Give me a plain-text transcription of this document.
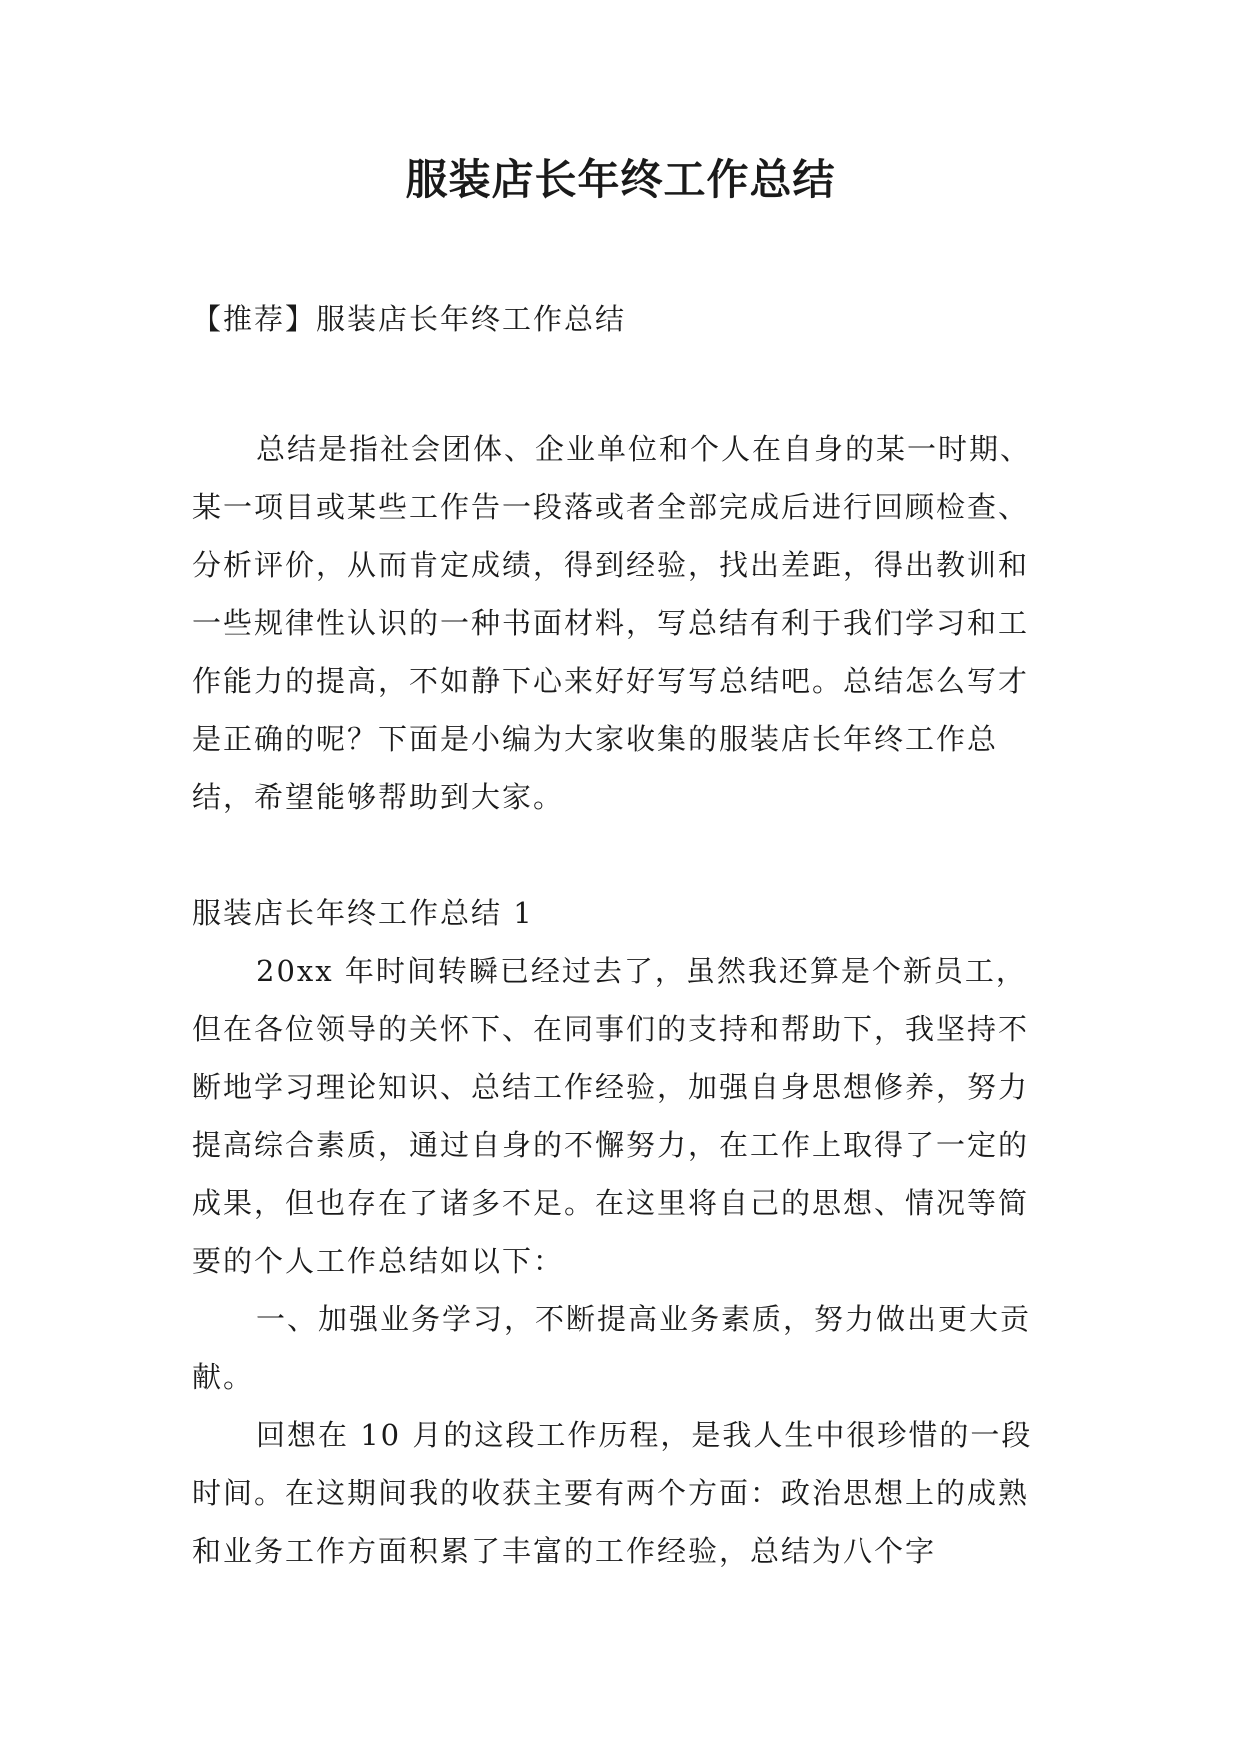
服装店长年终工作总结

【推荐】服装店长年终工作总结

总结是指社会团体、企业单位和个人在自身的某一时期、某一项目或某些工作告一段落或者全部完成后进行回顾检查、分析评价，从而肯定成绩，得到经验，找出差距，得出教训和一些规律性认识的一种书面材料，写总结有利于我们学习和工作能力的提高，不如静下心来好好写写总结吧。总结怎么写才是正确的呢？下面是小编为大家收集的服装店长年终工作总结，希望能够帮助到大家。

服装店长年终工作总结 1

20xx 年时间转瞬已经过去了，虽然我还算是个新员工，但在各位领导的关怀下、在同事们的支持和帮助下，我坚持不断地学习理论知识、总结工作经验，加强自身思想修养，努力提高综合素质，通过自身的不懈努力，在工作上取得了一定的成果，但也存在了诸多不足。在这里将自己的思想、情况等简要的个人工作总结如以下：

一、加强业务学习，不断提高业务素质，努力做出更大贡献。

回想在 10 月的这段工作历程，是我人生中很珍惜的一段时间。在这期间我的收获主要有两个方面：政治思想上的成熟和业务工作方面积累了丰富的工作经验，总结为八个字
